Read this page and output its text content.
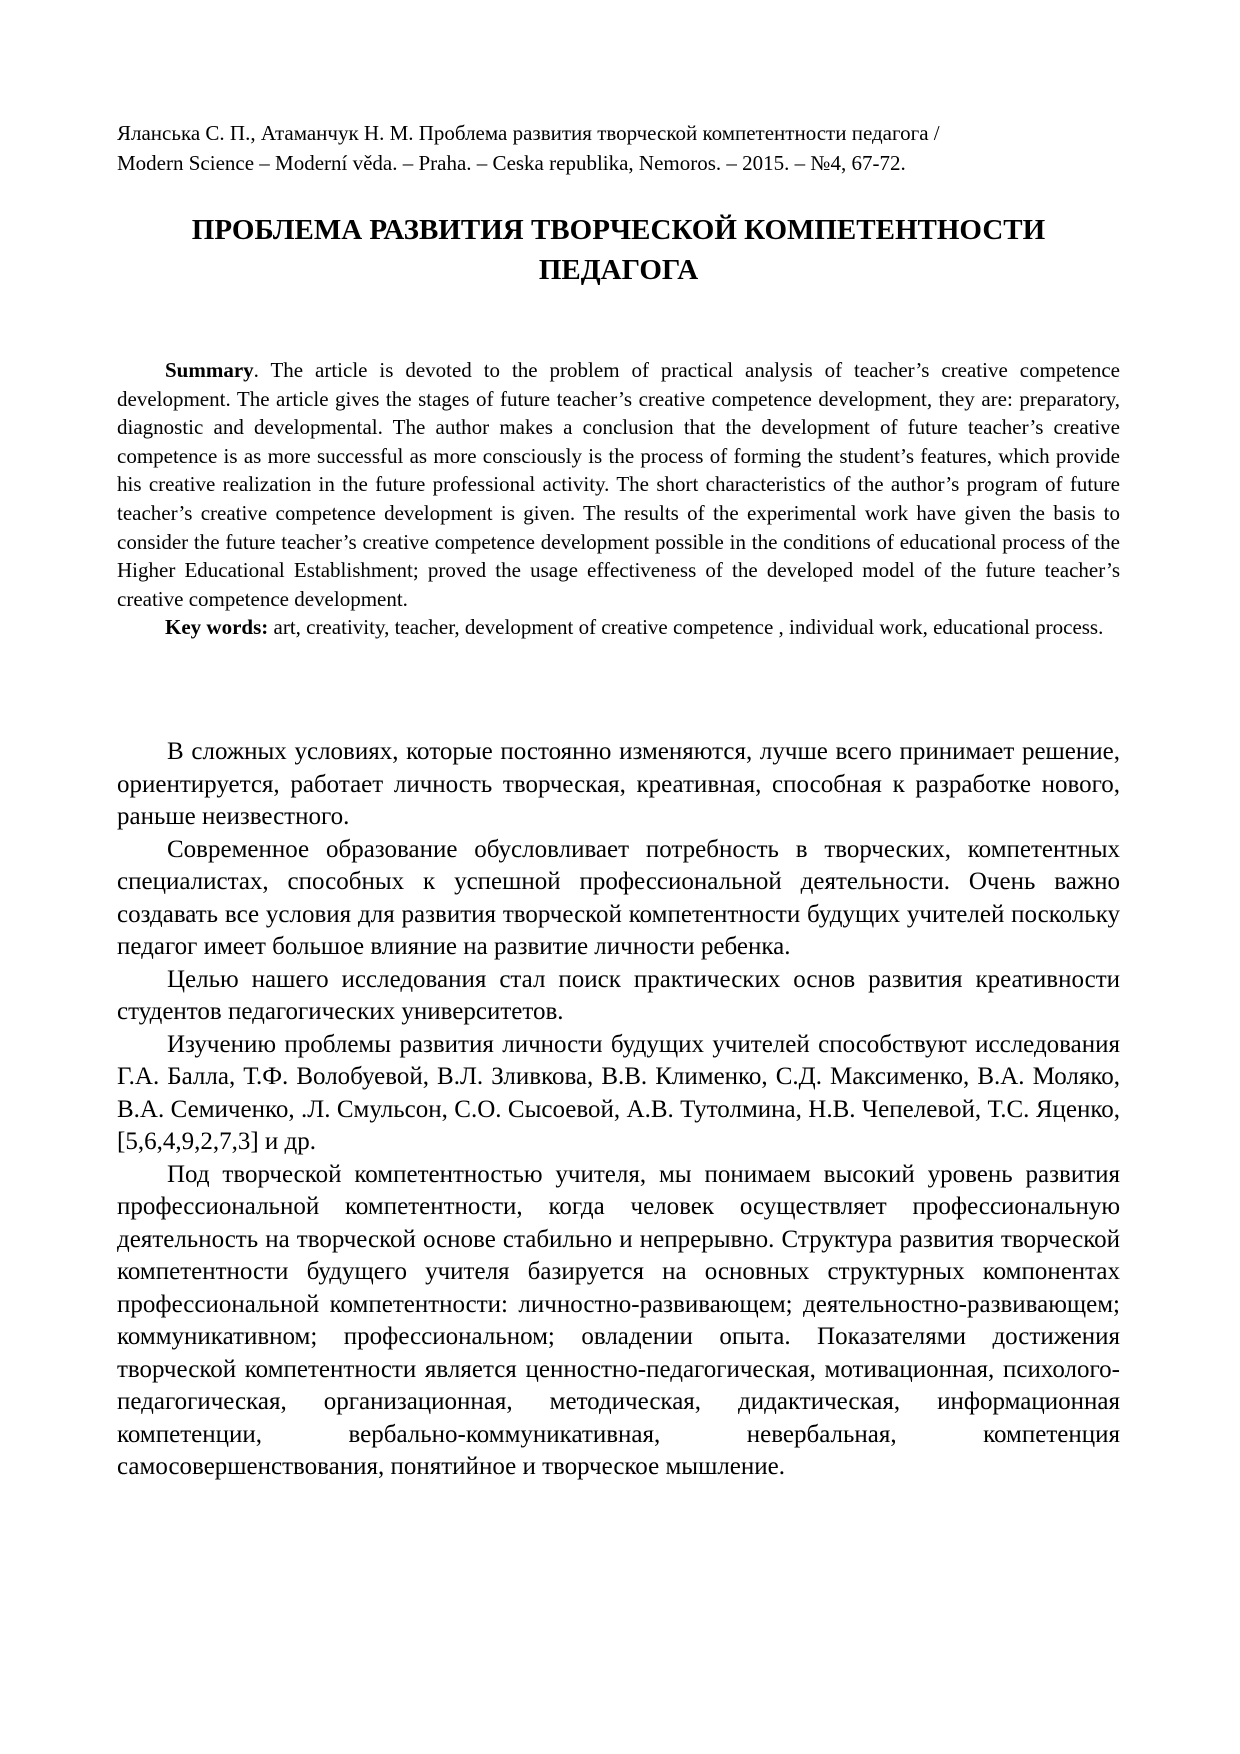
Яланська С. П., Атаманчук Н. М. Проблема развития творческой компетентности педагога /
Modern Science – Moderní věda. – Praha. – Ceska republika, Nemoros. – 2015. – №4, 67-72.
ПРОБЛЕМА РАЗВИТИЯ ТВОРЧЕСКОЙ КОМПЕТЕНТНОСТИ
ПЕДАГОГА

Summary. The article is devoted to the problem of practical analysis of teacher’s creative competence development. The article gives the stages of future teacher’s creative competence development, they are: preparatory, diagnostic and developmental. The author makes a conclusion that the development of future teacher’s creative competence is as more successful as more consciously is the process of forming the student’s features, which provide his creative realization in the future professional activity. The short characteristics of the author’s program of future teacher’s creative competence development is given. The results of the experimental work have given the basis to consider the future teacher’s creative competence development possible in the conditions of educational process of the Higher Educational Establishment; proved the usage effectiveness of the developed model of the future teacher’s creative competence development.

Key words: art, creativity, teacher, development of creative competence , individual work, educational process.

В сложных условиях, которые постоянно изменяются, лучше всего принимает решение, ориентируется, работает личность творческая, креативная, способная к разработке нового, раньше неизвестного.

Современное образование обусловливает потребность в творческих, компетентных специалистах, способных к успешной профессиональной деятельности. Очень важно создавать все условия для развития творческой компетентности будущих учителей поскольку педагог имеет большое влияние на развитие личности ребенка.

Целью нашего исследования стал поиск практических основ развития креативности студентов педагогических университетов.

Изучению проблемы развития личности будущих учителей способствуют исследования Г.А. Балла, Т.Ф. Волобуевой, В.Л. Зливкова, В.В. Клименко, С.Д. Максименко, В.А. Моляко, В.А. Семиченко, .Л. Смульсон, С.О. Сысоевой, А.В. Тутолмина, Н.В. Чепелевой, Т.С. Яценко, [5,6,4,9,2,7,3] и др.

Под творческой компетентностью учителя, мы понимаем высокий уровень развития профессиональной компетентности, когда человек осуществляет профессиональную деятельность на творческой основе стабильно и непрерывно. Структура развития творческой компетентности будущего учителя базируется на основных структурных компонентах профессиональной компетентности: личностно-развивающем; деятельностно-развивающем; коммуникативном; профессиональном; овладении опыта. Показателями достижения творческой компетентности является ценностно-педагогическая, мотивационная, психолого-педагогическая, организационная, методическая, дидактическая, информационная компетенции, вербально-коммуникативная, невербальная, компетенция самосовершенствования, понятийное и творческое мышление.
